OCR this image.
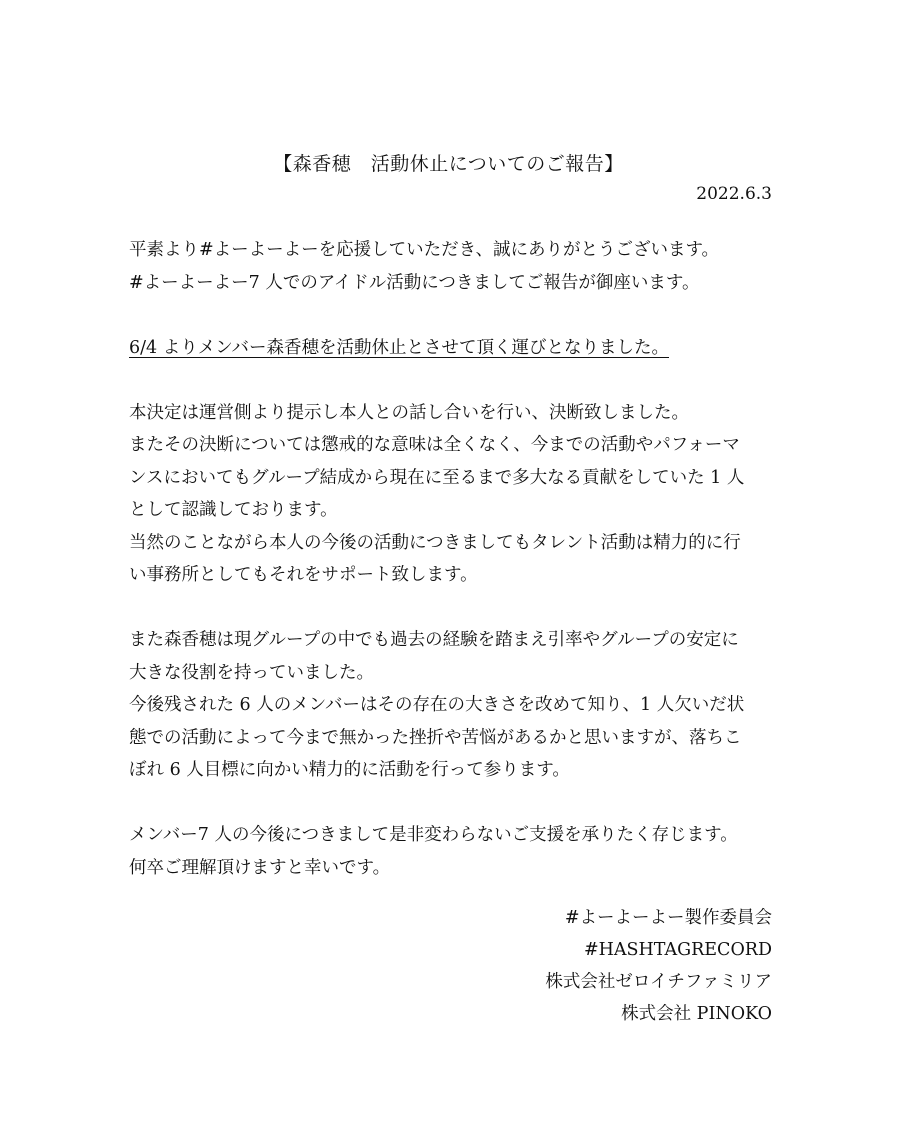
【森香穂　活動休止についてのご報告】
2022.6.3
平素より#よーよーよーを応援していただき、誠にありがとうございます。
#よーよーよー7 人でのアイドル活動につきましてご報告が御座います。
6/4 よりメンバー森香穂を活動休止とさせて頂く運びとなりました。
本決定は運営側より提示し本人との話し合いを行い、決断致しました。
またその決断については懲戒的な意味は全くなく、今までの活動やパフォーマ
ンスにおいてもグループ結成から現在に至るまで多大なる貢献をしていた 1 人
として認識しております。
当然のことながら本人の今後の活動につきましてもタレント活動は精力的に行
い事務所としてもそれをサポート致します。
また森香穂は現グループの中でも過去の経験を踏まえ引率やグループの安定に
大きな役割を持っていました。
今後残された 6 人のメンバーはその存在の大きさを改めて知り、1 人欠いだ状
態での活動によって今まで無かった挫折や苦悩があるかと思いますが、落ちこ
ぼれ 6 人目標に向かい精力的に活動を行って参ります。
メンバー7 人の今後につきまして是非変わらないご支援を承りたく存じます。
何卒ご理解頂けますと幸いです。
#よーよーよー製作委員会
#HASHTAGRECORD
株式会社ゼロイチファミリア
株式会社 PINOKO
